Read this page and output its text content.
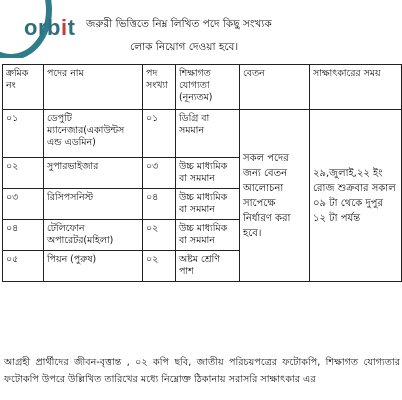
orbit জরুরী ভিত্তিতে নিম্ন লিখিত পদে কিছু সংখ্যক
লোক নিয়োগ দেওয়া হবে।
ক্রমিক নং	পদের নাম	পদ সংখ্যা	শিক্ষাগত যোগ্যতা (নূন্যতম)	বেতন	সাক্ষাৎকারের সময়
০১	ডেপুটি ম্যানেজার(একাউন্টস এন্ড এডমিন)	০১	ডিগ্রি বা সমমান	সকল পদের জন্য বেতন আলোচনা সাপেক্ষে নির্ধারণ করা হবে।	২৯,জুলাই,২২ ইং রোজ শুক্রবার সকাল ০৯ টা থেকে দুপুর ১২ টা পর্যন্ত
০২	সুপারভাইজার	০৩	উচ্চ মাধ্যমিক বা সমমান		
০৩	রিসিপসনিস্ট	০৪	উচ্চ মাধ্যমিক বা সমমান		
০৪	টেলিফোন অপারেটর(মহিলা)	০২	উচ্চ মাধ্যমিক বা সমমান		
০৫	পিয়ন (পুরুষ)	০২	অষ্টম শ্রেণি পাশ		
আগ্রহী প্রার্থীদের জীবন-বৃত্তান্ত , ০২ কপি ছবি, জাতীয় পরিচয়পত্রের ফটোকপি, শিক্ষাগত যোগ্যতার ফটোকপি উপরে উল্লিখিত তারিখের মধ্যে নিম্নোক্ত ঠিকানায় সরাসরি সাক্ষাৎকার এর
